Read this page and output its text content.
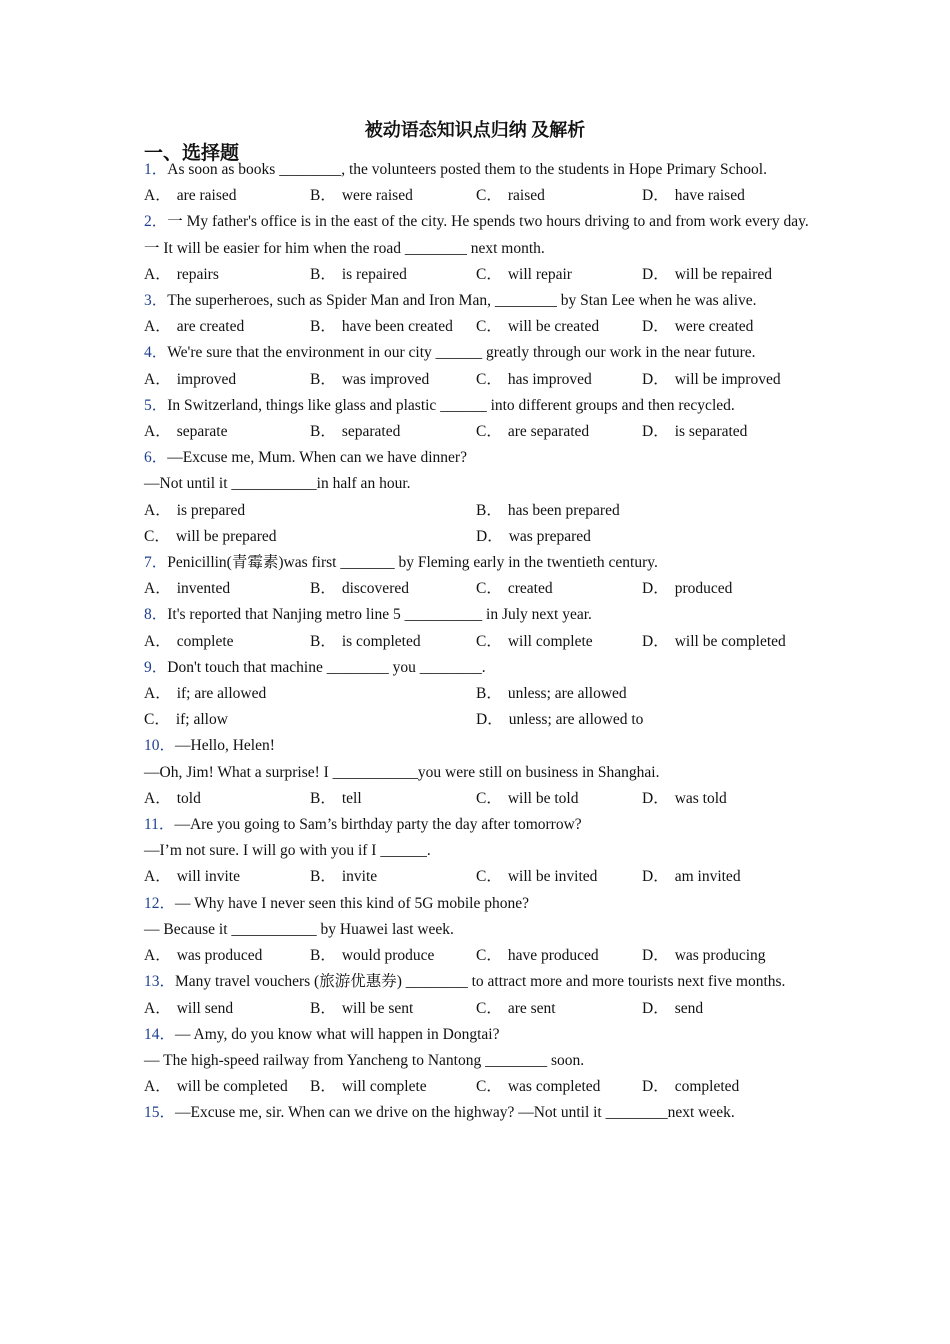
被动语态知识点归纳 及解析
一、选择题
1．As soon as books ________, the volunteers posted them to the students in Hope Primary School.
A． are raised	B． were raised	C． raised	D． have raised
2．一 My father's office is in the east of the city. He spends two hours driving to and from work every day.
一 It will be easier for him when the road ________ next month.
A． repairs	B． is repaired	C． will repair	D． will be repaired
3．The superheroes, such as Spider Man and Iron Man, ________ by Stan Lee when he was alive.
A． are created	B． have been created	C． will be created	D． were created
4．We're sure that the environment in our city ______ greatly through our work in the near future.
A． improved	B． was improved	C． has improved	D． will be improved
5．In Switzerland, things like glass and plastic ______ into different groups and then recycled.
A． separate	B． separated	C． are separated	D． is separated
6．—Excuse me, Mum. When can we have dinner?
—Not until it ___________in half an hour.
A． is prepared	B． has been prepared
C． will be prepared	D． was prepared
7．Penicillin(青霉素)was first _______ by Fleming early in the twentieth century.
A． invented	B． discovered	C． created	D． produced
8．It's reported that Nanjing metro line 5 __________ in July next year.
A． complete	B． is completed	C． will complete	D． will be completed
9．Don't touch that machine ________ you ________.
A． if; are allowed	B． unless; are allowed
C． if; allow	D． unless; are allowed to
10．—Hello, Helen!
—Oh, Jim! What a surprise! I ___________you were still on business in Shanghai.
A． told	B． tell	C． will be told	D． was told
11．—Are you going to Sam’s birthday party the day after tomorrow?
—I’m not sure. I will go with you if I ______.
A． will invite	B． invite	C． will be invited	D． am invited
12．— Why have I never seen this kind of 5G mobile phone?
— Because it ___________ by Huawei last week.
A． was produced	B． would produce	C． have produced	D． was producing
13．Many travel vouchers (旅游优惠券) ________ to attract more and more tourists next five months.
A． will send	B． will be sent	C． are sent	D． send
14．— Amy, do you know what will happen in Dongtai?
— The high-speed railway from Yancheng to Nantong ________ soon.
A． will be completed	B． will complete	C． was completed	D． completed
15．—Excuse me, sir. When can we drive on the highway? —Not until it ________next week.
